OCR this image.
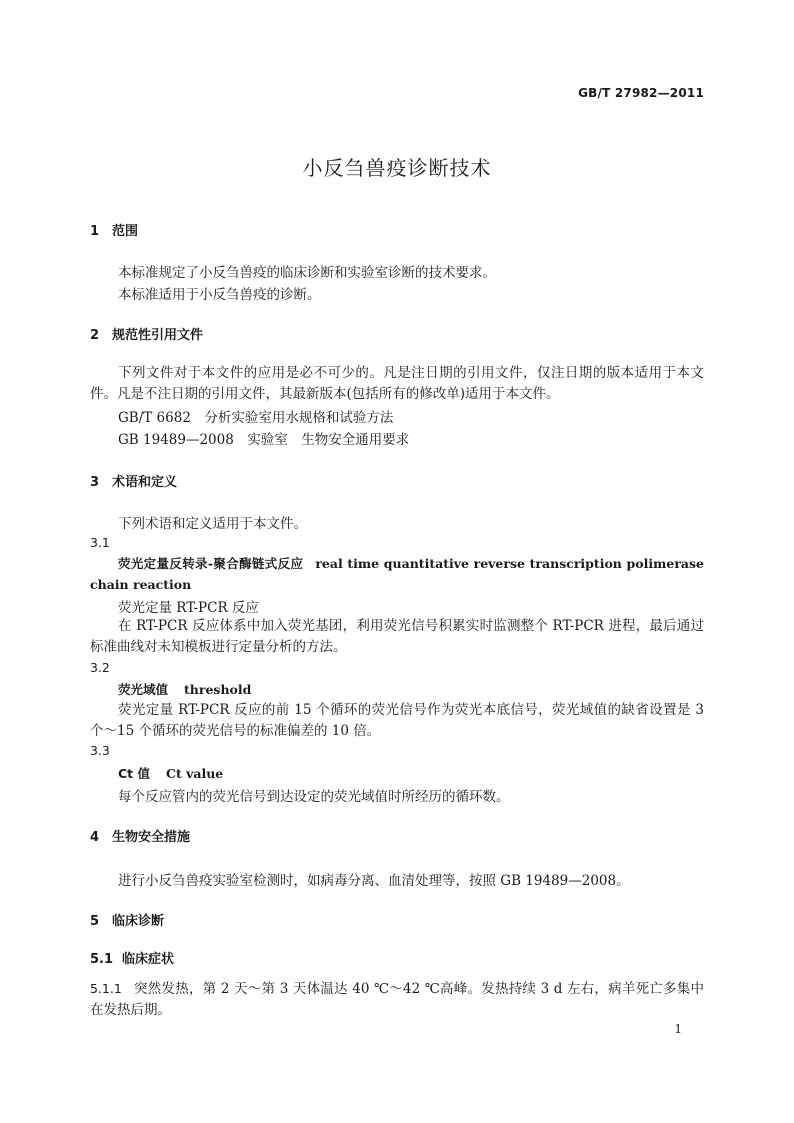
GB/T 27982—2011
小反刍兽疫诊断技术
1 范围
本标准规定了小反刍兽疫的临床诊断和实验室诊断的技术要求。
本标准适用于小反刍兽疫的诊断。
2 规范性引用文件
下列文件对于本文件的应用是必不可少的。凡是注日期的引用文件，仅注日期的版本适用于本文件。凡是不注日期的引用文件，其最新版本(包括所有的修改单)适用于本文件。
GB/T 6682　分析实验室用水规格和试验方法
GB 19489—2008　实验室　生物安全通用要求
3 术语和定义
下列术语和定义适用于本文件。
3.1
荧光定量反转录-聚合酶链式反应 real time quantitative reverse transcription polimerase chain reaction
荧光定量 RT-PCR 反应
在 RT-PCR 反应体系中加入荧光基团，利用荧光信号积累实时监测整个 RT-PCR 进程，最后通过标准曲线对未知模板进行定量分析的方法。
3.2
荧光域值 threshold
荧光定量 RT-PCR 反应的前 15 个循环的荧光信号作为荧光本底信号，荧光域值的缺省设置是 3 个～15 个循环的荧光信号的标准偏差的 10 倍。
3.3
Ct 值 Ct value
每个反应管内的荧光信号到达设定的荧光域值时所经历的循环数。
4 生物安全措施
进行小反刍兽疫实验室检测时，如病毒分离、血清处理等，按照 GB 19489—2008。
5 临床诊断
5.1 临床症状
5.1.1 突然发热，第 2 天～第 3 天体温达 40 ℃～42 ℃高峰。发热持续 3 d 左右，病羊死亡多集中在发热后期。
1
